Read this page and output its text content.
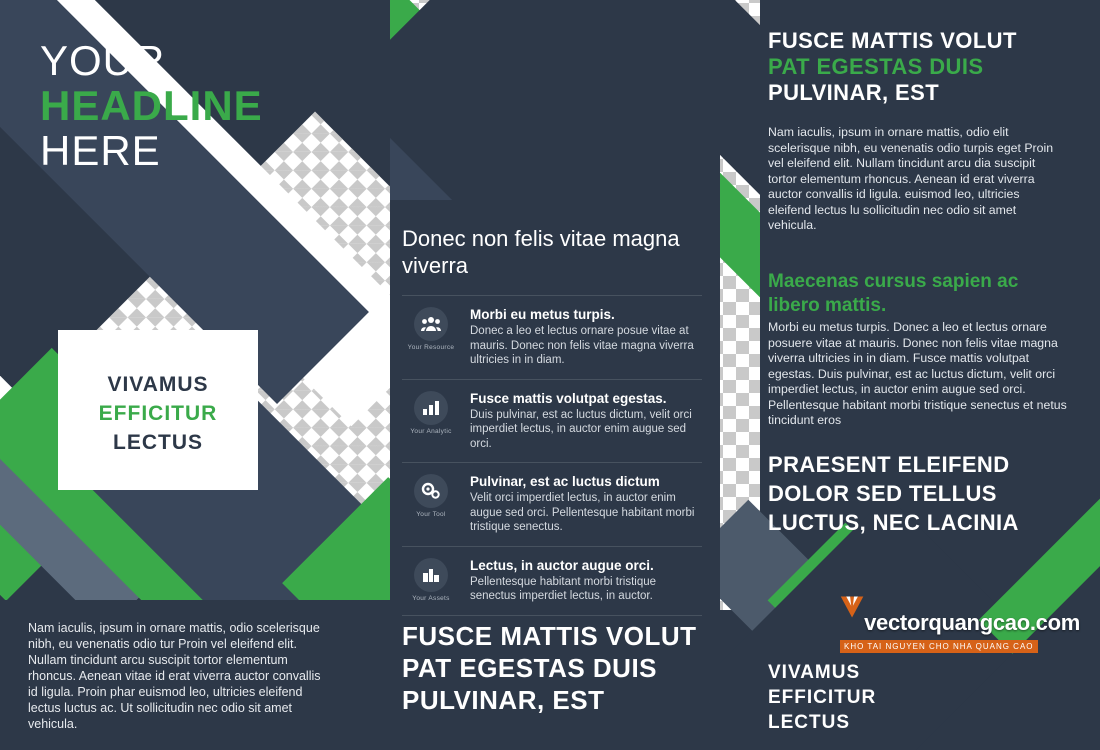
YOUR
HEADLINE
HERE
VIVAMUS
EFFICITUR
LECTUS
Nam iaculis, ipsum in ornare mattis, odio scelerisque nibh, eu venenatis odio tur Proin vel eleifend elit. Nullam tincidunt arcu suscipit tortor elementum rhoncus. Aenean vitae id erat viverra auctor convallis id ligula. Proin phar euismod leo, ultricies eleifend lectus luctus ac. Ut sollicitudin nec odio sit amet vehicula.
Donec non felis vitae magna viverra
Your Resource
Morbi eu metus turpis.
Donec a leo et lectus ornare posue vitae at mauris. Donec non felis vitae magna viverra ultricies in in diam.
Your Analytic
Fusce mattis volutpat egestas.
Duis pulvinar, est ac luctus dictum, velit orci imperdiet lectus, in auctor enim augue sed orci.
Your Tool
Pulvinar, est ac luctus dictum
Velit orci imperdiet lectus, in auctor enim augue sed orci. Pellentesque habitant morbi tristique senectus.
Your Assets
Lectus, in auctor augue orci.
Pellentesque habitant morbi tristique senectus imperdiet lectus, in auctor.
FUSCE MATTIS VOLUT
PAT EGESTAS DUIS
PULVINAR, EST
FUSCE MATTIS VOLUT
PAT EGESTAS DUIS
PULVINAR, EST
Nam iaculis, ipsum in ornare mattis, odio elit scelerisque nibh, eu venenatis odio turpis eget Proin vel eleifend elit. Nullam tincidunt arcu dia suscipit tortor elementum rhoncus. Aenean id erat viverra auctor convallis id ligula. euismod leo, ultricies eleifend lectus lu sollicitudin nec odio sit amet vehicula.
Maecenas cursus sapien ac libero mattis.
Morbi eu metus turpis. Donec a leo et lectus ornare posuere vitae at mauris. Donec non felis vitae magna viverra ultricies in in diam. Fusce mattis volutpat egestas. Duis pulvinar, est ac luctus dictum, velit orci imperdiet lectus, in auctor enim augue sed orci. Pellentesque habitant morbi tristique senectus et netus tincidunt eros
PRAESENT ELEIFEND
DOLOR SED TELLUS
LUCTUS, NEC LACINIA
VIVAMUS
EFFICITUR
LECTUS
vectorquangcao.com
KHO TAI NGUYEN CHO NHA QUANG CAO
